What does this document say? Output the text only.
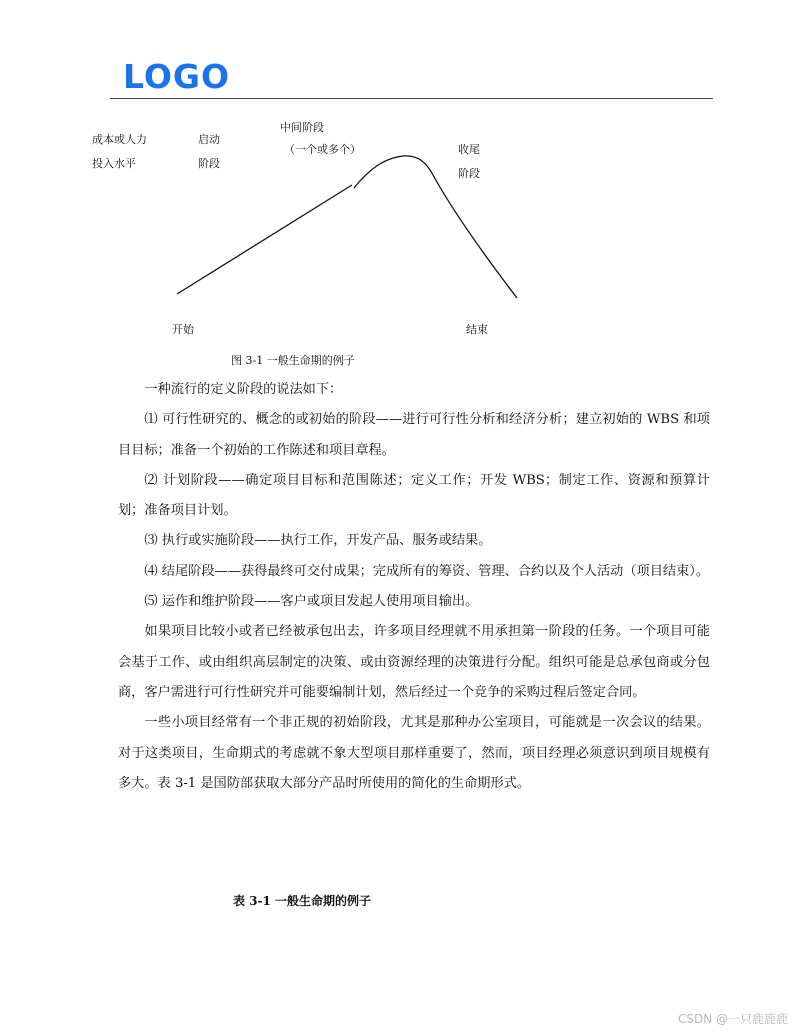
LOGO
成本或人力
投入水平
启动
阶段
中间阶段
（一个或多个）	收尾
阶段
开始	结束
图 3-1 一般生命期的例子

一种流行的定义阶段的说法如下：

⑴ 可行性研究的、概念的或初始的阶段——进行可行性分析和经济分析；建立初始的 WBS 和项目目标；准备一个初始的工作陈述和项目章程。

⑵ 计划阶段——确定项目目标和范围陈述；定义工作；开发 WBS；制定工作、资源和预算计划；准备项目计划。

⑶ 执行或实施阶段——执行工作，开发产品、服务或结果。

⑷ 结尾阶段——获得最终可交付成果；完成所有的筹资、管理、合约以及个人活动（项目结束）。

⑸ 运作和维护阶段——客户或项目发起人使用项目输出。

如果项目比较小或者已经被承包出去，许多项目经理就不用承担第一阶段的任务。一个项目可能会基于工作、或由组织高层制定的决策、或由资源经理的决策进行分配。组织可能是总承包商或分包商，客户需进行可行性研究并可能要编制计划，然后经过一个竞争的采购过程后签定合同。

一些小项目经常有一个非正规的初始阶段，尤其是那种办公室项目，可能就是一次会议的结果。对于这类项目，生命期式的考虑就不象大型项目那样重要了，然而，项目经理必须意识到项目规模有多大。表 3-1 是国防部获取大部分产品时所使用的简化的生命期形式。

表 3-1 一般生命期的例子
CSDN @一只鹿鹿鹿
